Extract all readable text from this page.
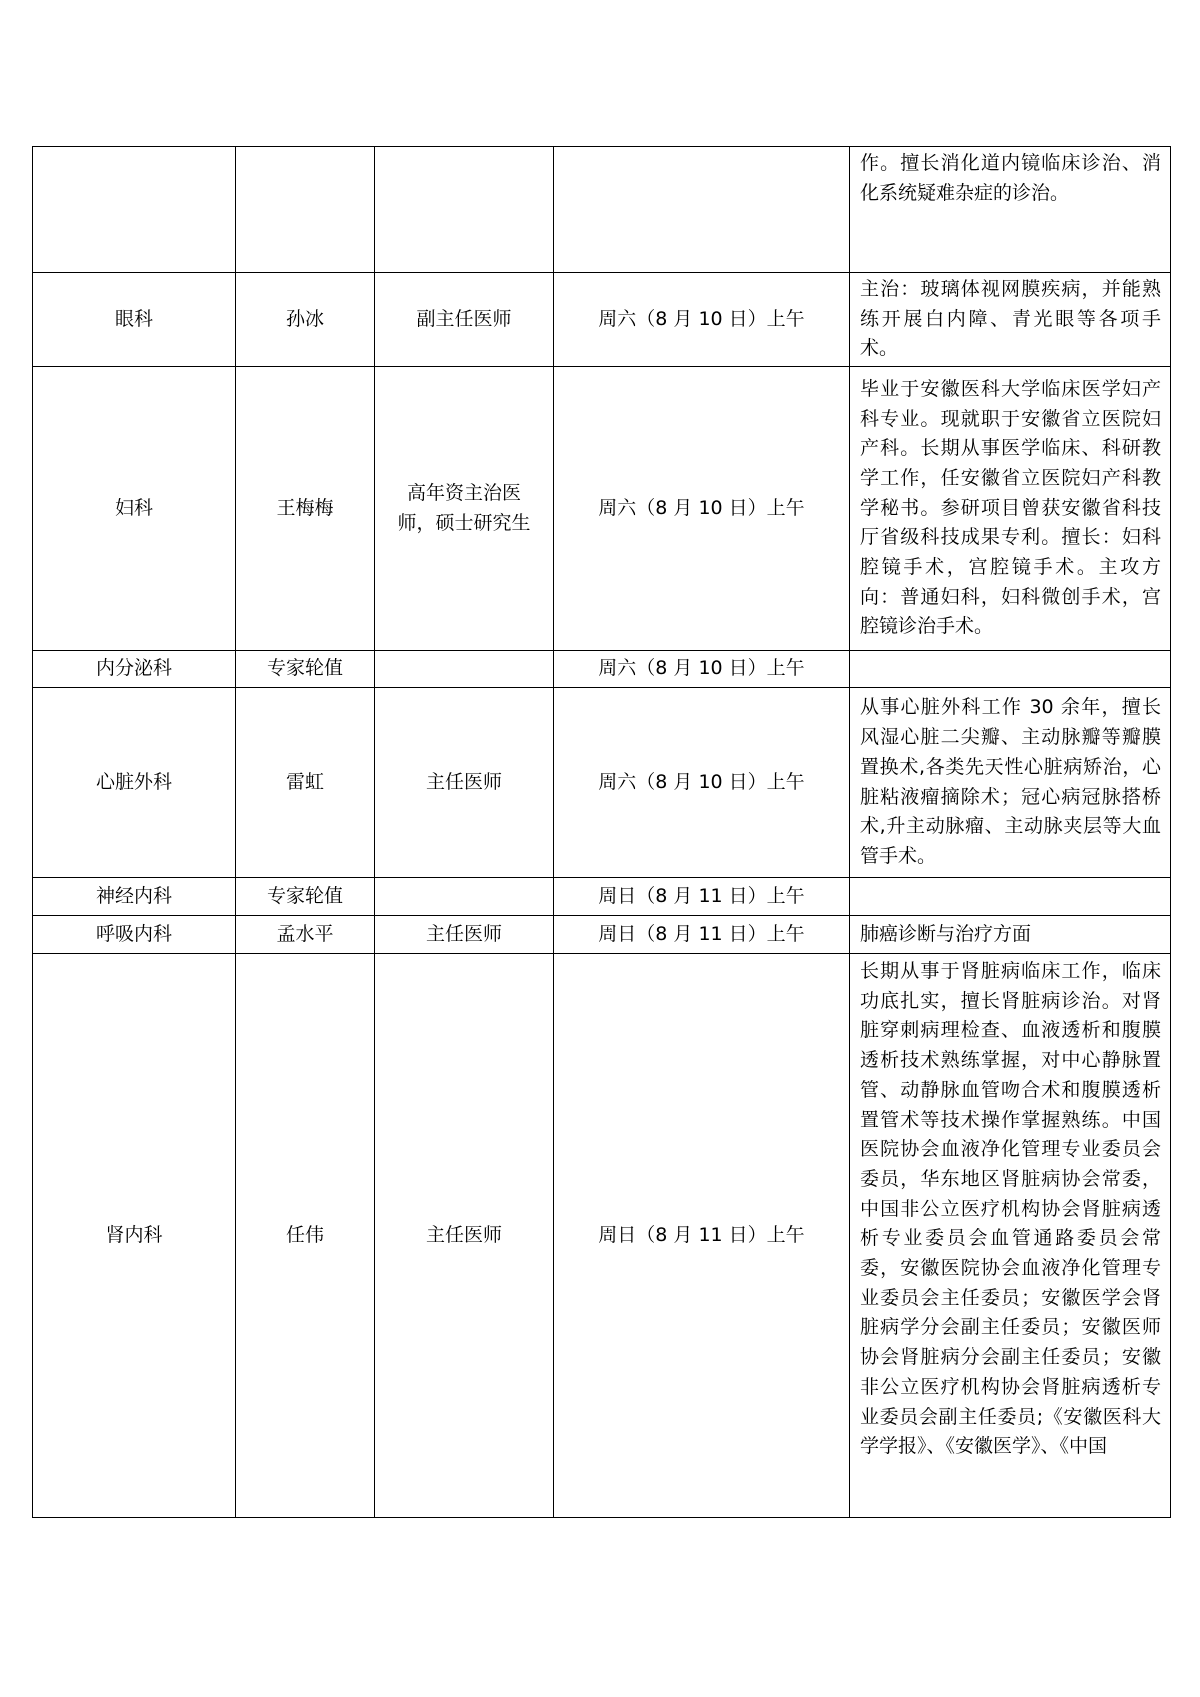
				作。擅长消化道内镜临床诊治、消化系统疑难杂症的诊治。
眼科	孙冰	副主任医师	周六（8 月 10 日）上午	主治：玻璃体视网膜疾病，并能熟练开展白内障、青光眼等各项手术。
妇科	王梅梅	高年资主治医师，硕士研究生	周六（8 月 10 日）上午	毕业于安徽医科大学临床医学妇产科专业。现就职于安徽省立医院妇产科。长期从事医学临床、科研教学工作，任安徽省立医院妇产科教学秘书。参研项目曾获安徽省科技厅省级科技成果专利。擅长：妇科腔镜手术，宫腔镜手术。主攻方向：普通妇科，妇科微创手术，宫腔镜诊治手术。
内分泌科	专家轮值		周六（8 月 10 日）上午	
心脏外科	雷虹	主任医师	周六（8 月 10 日）上午	从事心脏外科工作 30 余年，擅长风湿心脏二尖瓣、主动脉瓣等瓣膜置换术,各类先天性心脏病矫治，心脏粘液瘤摘除术；冠心病冠脉搭桥术,升主动脉瘤、主动脉夹层等大血管手术。
神经内科	专家轮值		周日（8 月 11 日）上午	
呼吸内科	孟水平	主任医师	周日（8 月 11 日）上午	肺癌诊断与治疗方面
肾内科	任伟	主任医师	周日（8 月 11 日）上午	长期从事于肾脏病临床工作，临床功底扎实，擅长肾脏病诊治。对肾脏穿刺病理检查、血液透析和腹膜透析技术熟练掌握，对中心静脉置管、动静脉血管吻合术和腹膜透析置管术等技术操作掌握熟练。中国医院协会血液净化管理专业委员会委员，华东地区肾脏病协会常委，中国非公立医疗机构协会肾脏病透析专业委员会血管通路委员会常委，安徽医院协会血液净化管理专业委员会主任委员；安徽医学会肾脏病学分会副主任委员；安徽医师协会肾脏病分会副主任委员；安徽非公立医疗机构协会肾脏病透析专业委员会副主任委员;《安徽医科大学学报》、《安徽医学》、《中国
